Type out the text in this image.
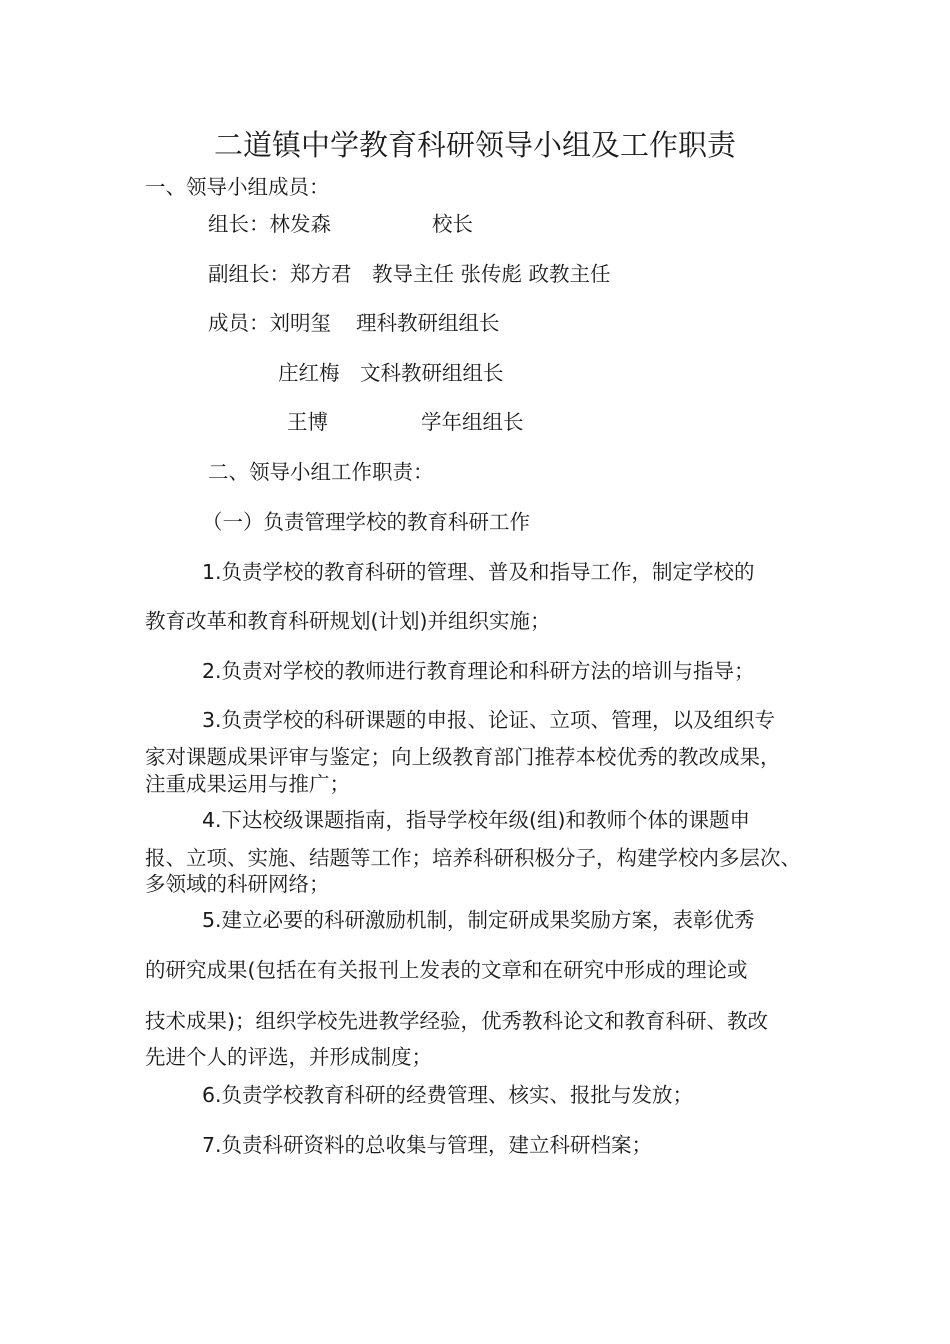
二道镇中学教育科研领导小组及工作职责
一、领导小组成员：
组长：林发森	校长
副组长：郑方君　教导主任 张传彪 政教主任
成员：刘明玺 理科教研组组长
庄红梅 文科教研组组长
王博	学年组组长
二、领导小组工作职责：
（一）负责管理学校的教育科研工作
1.负责学校的教育科研的管理、普及和指导工作，制定学校的
教育改革和教育科研规划(计划)并组织实施；
2.负责对学校的教师进行教育理论和科研方法的培训与指导；
3.负责学校的科研课题的申报、论证、立项、管理，以及组织专
家对课题成果评审与鉴定；向上级教育部门推荐本校优秀的教改成果，
注重成果运用与推广；
4.下达校级课题指南，指导学校年级(组)和教师个体的课题申
报、立项、实施、结题等工作；培养科研积极分子，构建学校内多层次、
多领域的科研网络；
5.建立必要的科研激励机制，制定研成果奖励方案，表彰优秀
的研究成果(包括在有关报刊上发表的文章和在研究中形成的理论或
技术成果)；组织学校先进教学经验，优秀教科论文和教育科研、教改
先进个人的评选，并形成制度；
6.负责学校教育科研的经费管理、核实、报批与发放；
7.负责科研资料的总收集与管理，建立科研档案；
